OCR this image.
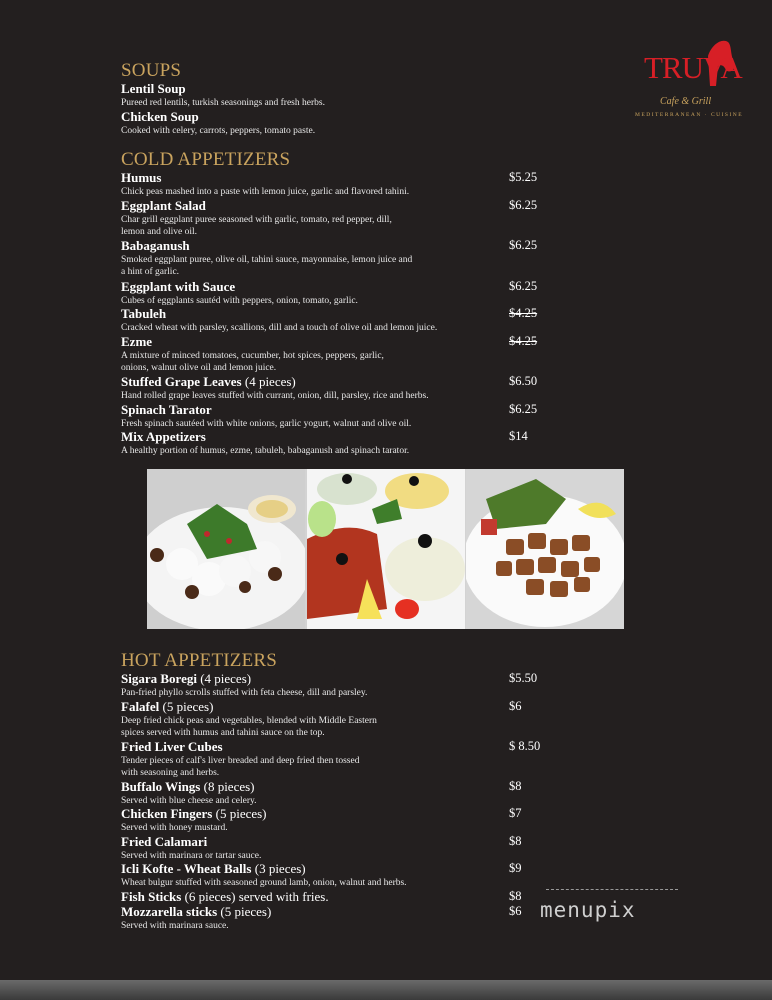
TRUVA
Cafe & Grill
MEDITERRANEAN · CUISINE
SOUPS
Lentil Soup
Pureed red lentils, turkish seasonings and fresh herbs.
Chicken Soup
Cooked with celery, carrots, peppers, tomato paste.
COLD APPETIZERS
Humus
Chick peas mashed into a paste with lemon juice, garlic and flavored tahini.
$5.25
Eggplant Salad
Char grill eggplant puree seasoned with garlic, tomato, red pepper, dill,
lemon and olive oil.
$6.25
Babaganush
Smoked eggplant puree, olive oil, tahini sauce, mayonnaise, lemon juice and
a hint of garlic.
$6.25
Eggplant with Sauce
Cubes of eggplants sautéd with peppers, onion, tomato, garlic.
$6.25
Tabuleh
Cracked wheat with parsley, scallions, dill and a touch of olive oil and lemon juice.
$4.25
Ezme
A mixture of minced tomatoes, cucumber, hot spices, peppers, garlic,
onions, walnut olive oil and lemon juice.
$4.25
Stuffed Grape Leaves (4 pieces)
Hand rolled grape leaves stuffed with currant, onion, dill, parsley, rice and herbs.
$6.50
Spinach Tarator
Fresh spinach sautéed with white onions, garlic yogurt, walnut and olive oil.
$6.25
Mix Appetizers
A healthy portion of humus, ezme, tabuleh, babaganush and spinach tarator.
$14
HOT APPETIZERS
Sigara Boregi (4 pieces)
Pan-fried phyllo scrolls stuffed with feta cheese, dill and parsley.
$5.50
Falafel (5 pieces)
Deep fried chick peas and vegetables, blended with Middle Eastern
spices served with humus and tahini sauce on the top.
$6
Fried Liver Cubes
Tender pieces of calf's liver breaded and deep fried then tossed
with seasoning and herbs.
$ 8.50
Buffalo Wings (8 pieces)
Served with blue cheese and celery.
$8
Chicken Fingers (5 pieces)
Served with honey mustard.
$7
Fried Calamari
Served with marinara or tartar sauce.
$8
Icli Kofte - Wheat Balls (3 pieces)
Wheat bulgur stuffed with seasoned ground lamb, onion, walnut and herbs.
$9
Fish Sticks (6 pieces) served with fries.	$8
Mozzarella sticks (5 pieces)
Served with marinara sauce.
$6 menupix
